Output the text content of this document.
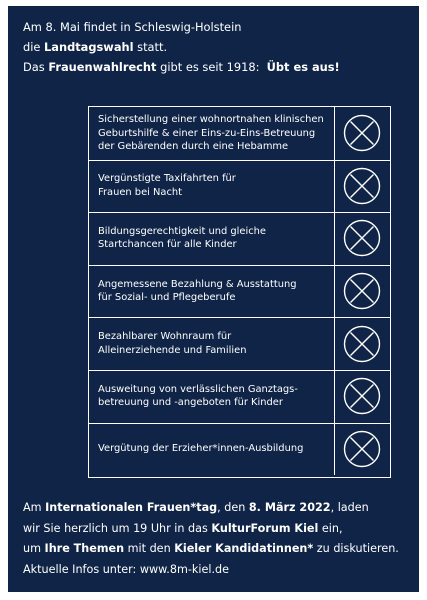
Am 8. Mai findet in Schleswig-Holstein
die Landtagswahl statt.
Das Frauenwahlrecht gibt es seit 1918:  Übt es aus!
Sicherstellung einer wohnortnahen klinischen
Geburtshilfe & einer Eins-zu-Eins-Betreuung
der Gebärenden durch eine Hebamme
Vergünstigte Taxifahrten für
Frauen bei Nacht
Bildungsgerechtigkeit und gleiche
Startchancen für alle Kinder
Angemessene Bezahlung & Ausstattung
für Sozial- und Pflegeberufe
Bezahlbarer Wohnraum für
Alleinerziehende und Familien
Ausweitung von verlässlichen Ganztags-
betreuung und -angeboten für Kinder
Vergütung der Erzieher*innen-Ausbildung
Am Internationalen Frauen*tag, den 8. März 2022, laden
wir Sie herzlich um 19 Uhr in das KulturForum Kiel ein,
um Ihre Themen mit den Kieler Kandidatinnen* zu diskutieren.
Aktuelle Infos unter: www.8m-kiel.de
